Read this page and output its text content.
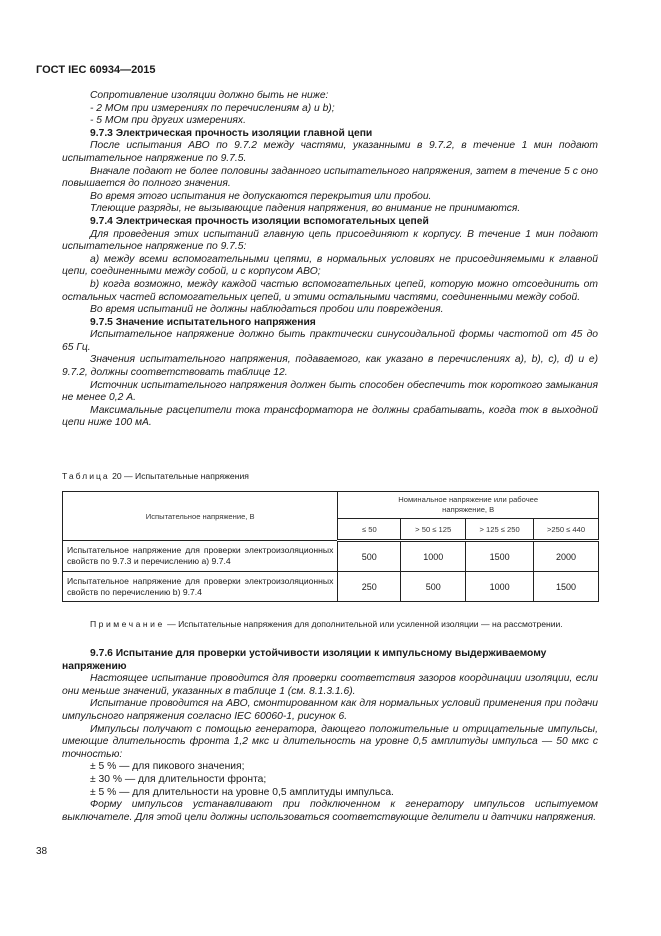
ГОСТ IEC 60934—2015

Сопротивление изоляции должно быть не ниже:

- 2 МОм при измерениях по перечислениям a) и b);

- 5 МОм при других измерениях.

9.7.3 Электрическая прочность изоляции главной цепи

После испытания АВО по 9.7.2 между частями, указанными в 9.7.2, в течение 1 мин подают испытательное напряжение по 9.7.5.

Вначале подают не более половины заданного испытательного напряжения, затем в течение 5 с оно повышается до полного значения.

Во время этого испытания не допускаются перекрытия или пробои.

Тлеющие разряды, не вызывающие падения напряжения, во внимание не принимаются.

9.7.4 Электрическая прочность изоляции вспомогательных цепей

Для проведения этих испытаний главную цепь присоединяют к корпусу. В течение 1 мин подают испытательное напряжение по 9.7.5:

a) между всеми вспомогательными цепями, в нормальных условиях не присоединяемыми к главной цепи, соединенными между собой, и с корпусом АВО;

b) когда возможно, между каждой частью вспомогательных цепей, которую можно отсоединить от остальных частей вспомогательных цепей, и этими остальными частями, соединенными между собой.

Во время испытаний не должны наблюдаться пробои или повреждения.

9.7.5 Значение испытательного напряжения

Испытательное напряжение должно быть практически синусоидальной формы частотой от 45 до 65 Гц.

Значения испытательного напряжения, подаваемого, как указано в перечислениях a), b), c), d) и e) 9.7.2, должны соответствовать таблице 12.

Источник испытательного напряжения должен быть способен обеспечить ток короткого замыкания не менее 0,2 А.

Максимальные расцепители тока трансформатора не должны срабатывать, когда ток в выходной цепи ниже 100 мА.

Таблица 20 — Испытательные напряжения
Испытательное напряжение, В	Номинальное напряжение или рабочее напряжение, В			
	≤ 50	> 50 ≤ 125	> 125 ≤ 250	>250 ≤ 440
Испытательное напряжение для проверки электроизоляционных свойств по 9.7.3 и перечислению a) 9.7.4	500	1000	1500	2000
Испытательное напряжение для проверки электроизоляционных свойств по перечислению b) 9.7.4	250	500	1000	1500
Примечание — Испытательные напряжения для дополнительной или усиленной изоляции — на рассмотрении.
9.7.6 Испытание для проверки устойчивости изоляции к импульсному выдерживаемому напряжению

Настоящее испытание проводится для проверки соответствия зазоров координации изоляции, если они меньше значений, указанных в таблице 1 (см. 8.1.3.1.6).

Испытание проводится на АВО, смонтированном как для нормальных условий применения при подачи импульсного напряжения согласно IEC 60060-1, рисунок 6.

Импульсы получают с помощью генератора, дающего положительные и отрицательные импульсы, имеющие длительность фронта 1,2 мкс и длительность на уровне 0,5 амплитуды импульса — 50 мкс с точностью:

± 5 % — для пикового значения;

± 30 % — для длительности фронта;

± 5 % — для длительности на уровне 0,5 амплитуды импульса.

Форму импульсов устанавливают при подключенном к генератору импульсов испытуемом выключателе. Для этой цели должны использоваться соответствующие делители и датчики напряжения.

38
